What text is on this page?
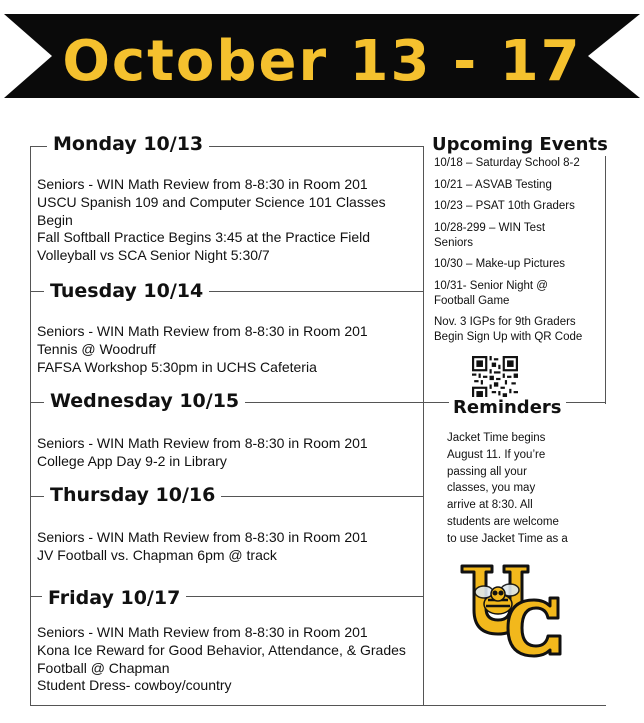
October 13 - 17
Monday 10/13
Tuesday 10/14
Wednesday 10/15
Thursday 10/16
Friday 10/17
Seniors - WIN Math Review from 8-8:30 in Room 201
USCU Spanish 109 and Computer Science 101 Classes
Begin
Fall Softball Practice Begins 3:45 at the Practice Field
Volleyball vs SCA Senior Night 5:30/7
Seniors - WIN Math Review from 8-8:30 in Room 201
Tennis @ Woodruff
FAFSA Workshop 5:30pm in UCHS Cafeteria
Seniors - WIN Math Review from 8-8:30 in Room 201
College App Day 9-2 in Library
Seniors - WIN Math Review from 8-8:30 in Room 201
JV Football vs. Chapman 6pm @ track
Seniors - WIN Math Review from 8-8:30 in Room 201
Kona Ice Reward for Good Behavior, Attendance, & Grades
Football @ Chapman
Student Dress- cowboy/country
Upcoming Events
10/18 – Saturday School 8-2
10/21 – ASVAB Testing
10/23 – PSAT 10th Graders
10/28-299 – WIN Test
Seniors
10/30 – Make-up Pictures
10/31- Senior Night @
Football Game
Nov. 3 IGPs for 9th Graders
Begin Sign Up with QR Code
Reminders
Jacket Time begins
August 11. If you’re
passing all your
classes, you may
arrive at 8:30. All
students are welcome
to use Jacket Time as a
